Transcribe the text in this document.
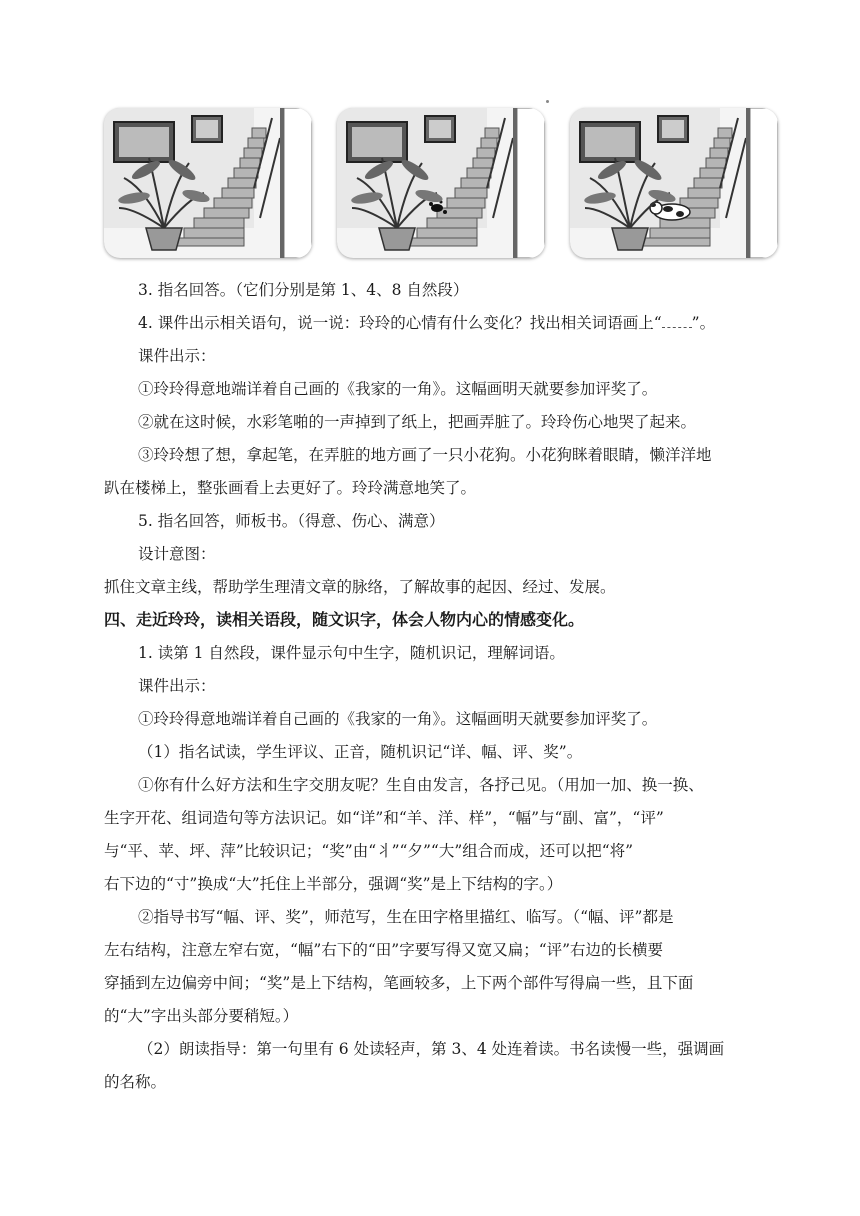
3. 指名回答。（它们分别是第 1、4、8 自然段）
4. 课件出示相关语句，说一说：玲玲的心情有什么变化？找出相关词语画上“ ”。
课件出示：
①玲玲得意地端详着自己画的《我家的一角》。这幅画明天就要参加评奖了。
②就在这时候，水彩笔啪的一声掉到了纸上，把画弄脏了。玲玲伤心地哭了起来。
③玲玲想了想，拿起笔，在弄脏的地方画了一只小花狗。小花狗眯着眼睛，懒洋洋地
趴在楼梯上，整张画看上去更好了。玲玲满意地笑了。
5. 指名回答，师板书。（得意、伤心、满意）
设计意图：
抓住文章主线，帮助学生理清文章的脉络，了解故事的起因、经过、发展。
四、走近玲玲，读相关语段，随文识字，体会人物内心的情感变化。
1. 读第 1 自然段，课件显示句中生字，随机识记，理解词语。
课件出示：
①玲玲得意地端详着自己画的《我家的一角》。这幅画明天就要参加评奖了。
（1）指名试读，学生评议、正音，随机识记“详、幅、评、奖”。
①你有什么好方法和生字交朋友呢？生自由发言，各抒己见。（用加一加、换一换、
生字开花、组词造句等方法识记。如“详”和“羊、洋、样”，“幅”与“副、富”，“评”
与“平、苹、坪、萍”比较识记；“奖”由“丬”“夕”“大”组合而成，还可以把“将”
右下边的“寸”换成“大”托住上半部分，强调“奖”是上下结构的字。）
②指导书写“幅、评、奖”，师范写，生在田字格里描红、临写。（“幅、评”都是
左右结构，注意左窄右宽，“幅”右下的“田”字要写得又宽又扁；“评”右边的长横要
穿插到左边偏旁中间；“奖”是上下结构，笔画较多，上下两个部件写得扁一些，且下面
的“大”字出头部分要稍短。）
（2）朗读指导：第一句里有 6 处读轻声，第 3、4 处连着读。书名读慢一些，强调画
的名称。
